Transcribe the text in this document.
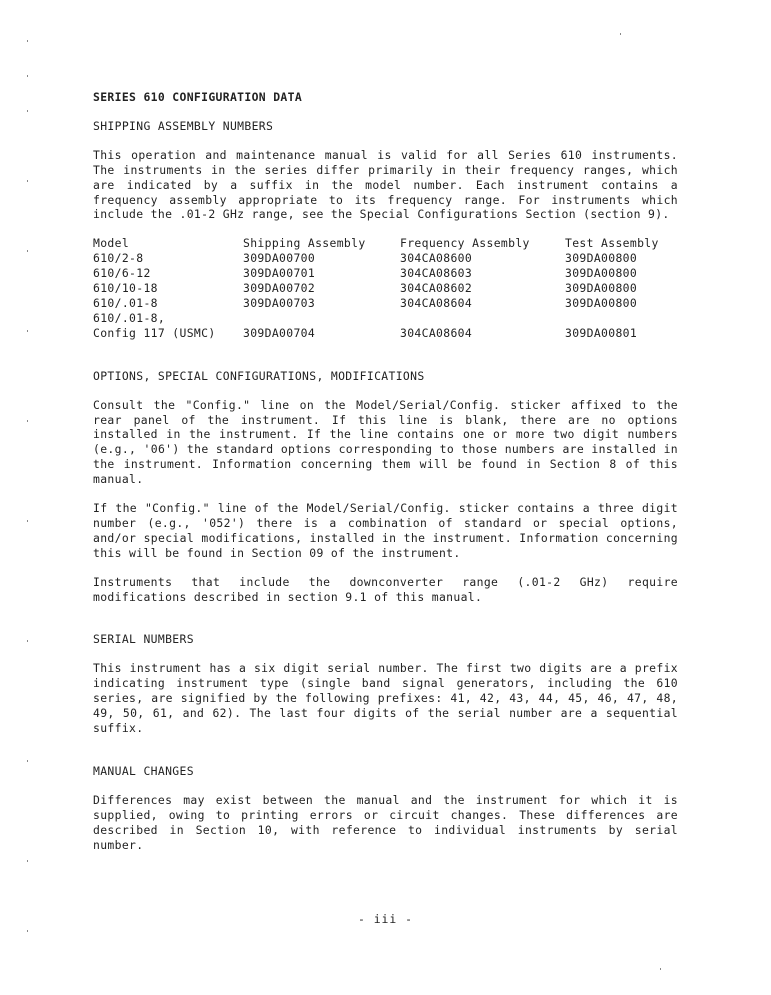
SERIES 610 CONFIGURATION DATA
SHIPPING ASSEMBLY NUMBERS

This operation and maintenance manual is valid for all Series 610 instruments. The instruments in the series differ primarily in their frequency ranges, which are indicated by a suffix in the model number. Each instrument contains a frequency assembly appropriate to its frequency range. For instruments which include the .01-2 GHz range, see the Special Configurations Section (section 9).

Model	Shipping Assembly	Frequency Assembly	Test Assembly
610/2-8	309DA00700	304CA08600	309DA00800
610/6-12	309DA00701	304CA08603	309DA00800
610/10-18	309DA00702	304CA08602	309DA00800
610/.01-8	309DA00703	304CA08604	309DA00800
610/.01-8,
Config 117 (USMC)	309DA00704	304CA08604	309DA00801
OPTIONS, SPECIAL CONFIGURATIONS, MODIFICATIONS

Consult the "Config." line on the Model/Serial/Config. sticker affixed to the rear panel of the instrument. If this line is blank, there are no options installed in the instrument. If the line contains one or more two digit numbers (e.g., '06') the standard options corresponding to those numbers are installed in the instrument. Information concerning them will be found in Section 8 of this manual.

If the "Config." line of the Model/Serial/Config. sticker contains a three digit number (e.g., '052') there is a combination of standard or special options, and/or special modifications, installed in the instrument. Information concerning this will be found in Section 09 of the instrument.

Instruments that include the downconverter range (.01-2 GHz) require modifications described in section 9.1 of this manual.

SERIAL NUMBERS

This instrument has a six digit serial number. The first two digits are a prefix indicating instrument type (single band signal generators, including the 610 series, are signified by the following prefixes: 41, 42, 43, 44, 45, 46, 47, 48, 49, 50, 61, and 62). The last four digits of the serial number are a sequential suffix.

MANUAL CHANGES

Differences may exist between the manual and the instrument for which it is supplied, owing to printing errors or circuit changes. These differences are described in Section 10, with reference to individual instruments by serial number.

- iii -
